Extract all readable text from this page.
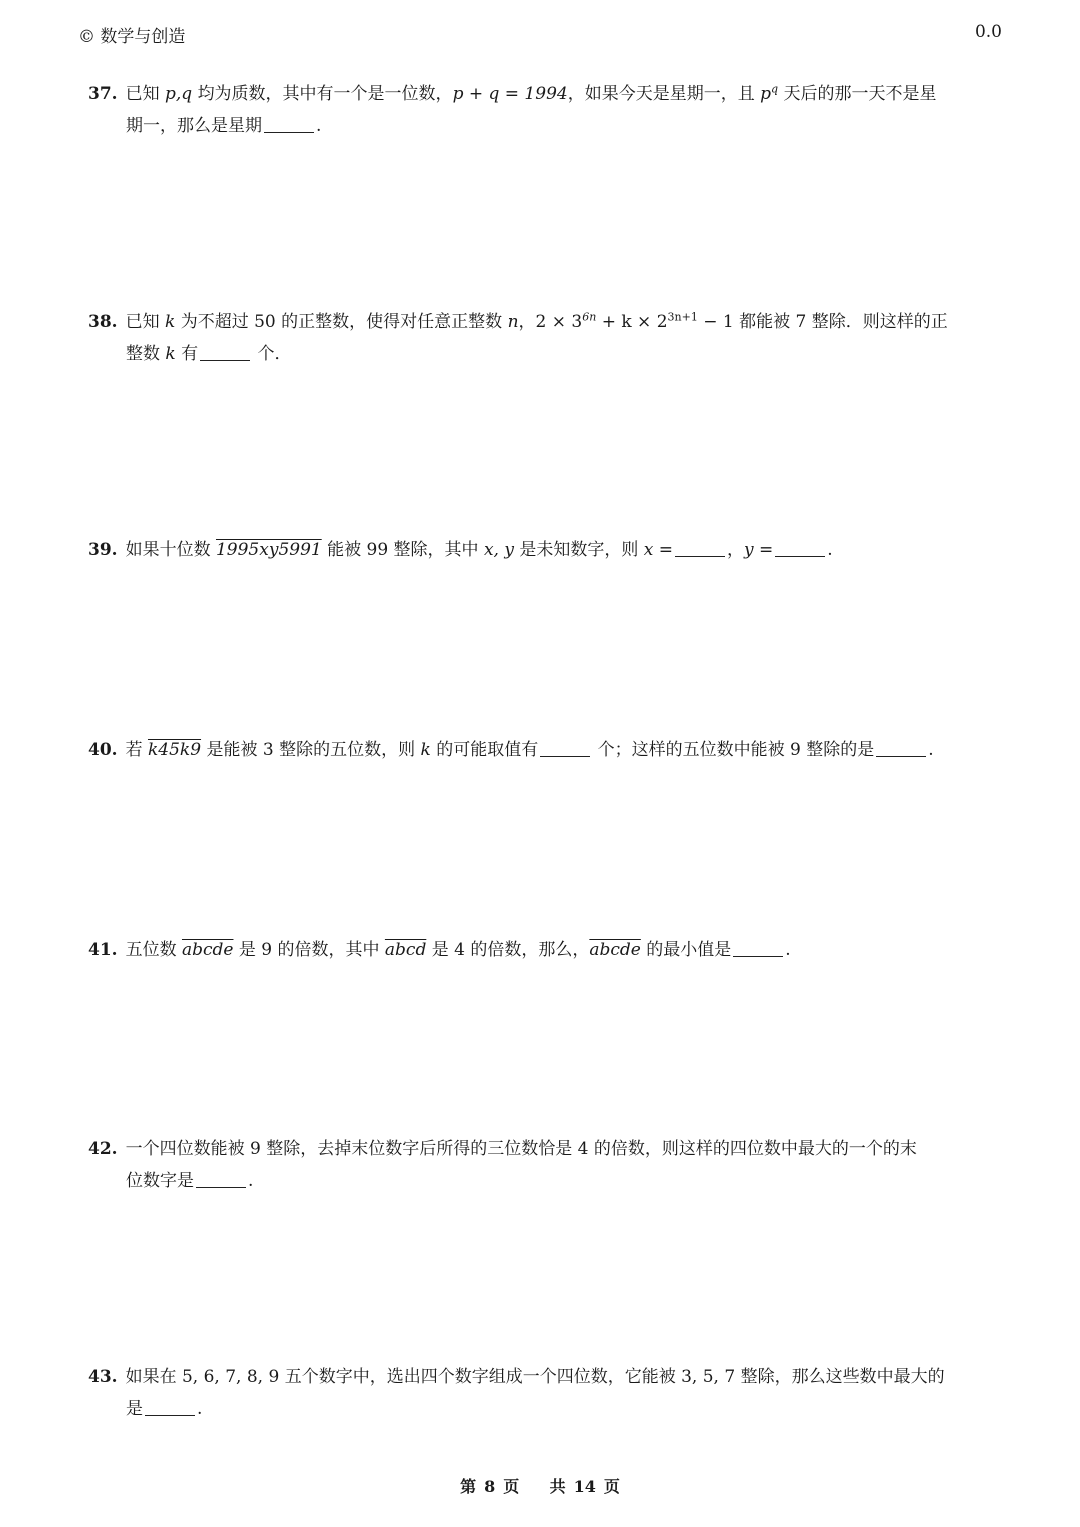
© 数学与创造	0.0
37. 已知 p,q 均为质数，其中有一个是一位数，p + q = 1994，如果今天是星期一，且 $p^q$ 天后的那一天不是星
期一，那么是星期	.
38. 已知 k 为不超过 50 的正整数，使得对任意正整数 n，$2 \times 3^{6n} + k \times 2^{3n+1} - 1$ 都能被 7 整除．则这样的正
整数 k 有	个．
39. 如果十位数 1995xy5991 能被 99 整除，其中 x, y 是未知数字，则 x =	，y =	.
40. 若 k45k9 是能被 3 整除的五位数，则 k 的可能取值有	个；这样的五位数中能被 9 整除的是	.
41. 五位数 abcde 是 9 的倍数，其中 abcd 是 4 的倍数，那么，abcde 的最小值是	.
42. 一个四位数能被 9 整除，去掉末位数字后所得的三位数恰是 4 的倍数，则这样的四位数中最大的一个的末
位数字是	.
43. 如果在 5, 6, 7, 8, 9 五个数字中，选出四个数字组成一个四位数，它能被 3, 5, 7 整除，那么这些数中最大的
是	.
第 8 页 共 14 页
